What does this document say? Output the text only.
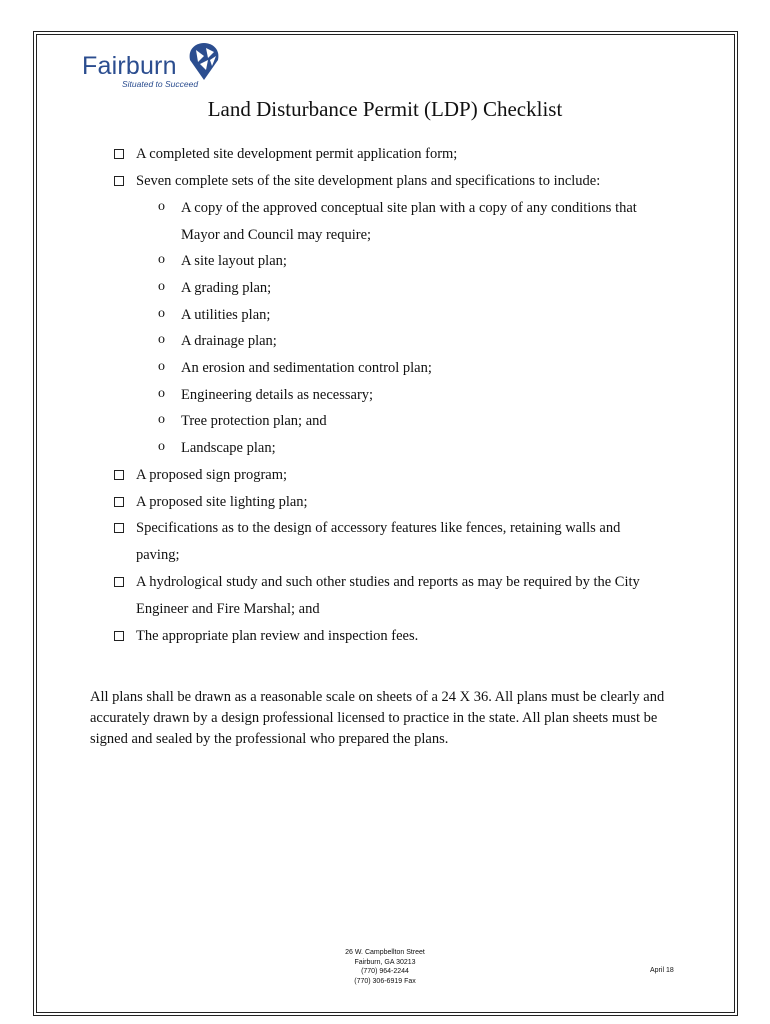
Fairburn
Situated to Succeed
Land Disturbance Permit (LDP) Checklist
A completed site development permit application form;
Seven complete sets of the site development plans and specifications to include:
o A copy of the approved conceptual site plan with a copy of any conditions that
Mayor and Council may require;
o A site layout plan;
o A grading plan;
o A utilities plan;
o A drainage plan;
o An erosion and sedimentation control plan;
o Engineering details as necessary;
o Tree protection plan; and
o Landscape plan;
A proposed sign program;
A proposed site lighting plan;
Specifications as to the design of accessory features like fences, retaining walls and
paving;
A hydrological study and such other studies and reports as may be required by the City
Engineer and Fire Marshal; and
The appropriate plan review and inspection fees.
All plans shall be drawn as a reasonable scale on sheets of a 24 X 36. All plans must be clearly and accurately drawn by a design professional licensed to practice in the state. All plan sheets must be signed and sealed by the professional who prepared the plans.
26 W. Campbellton Street
Fairburn, GA 30213
(770) 964-2244
(770) 306-6919 Fax
April 18
